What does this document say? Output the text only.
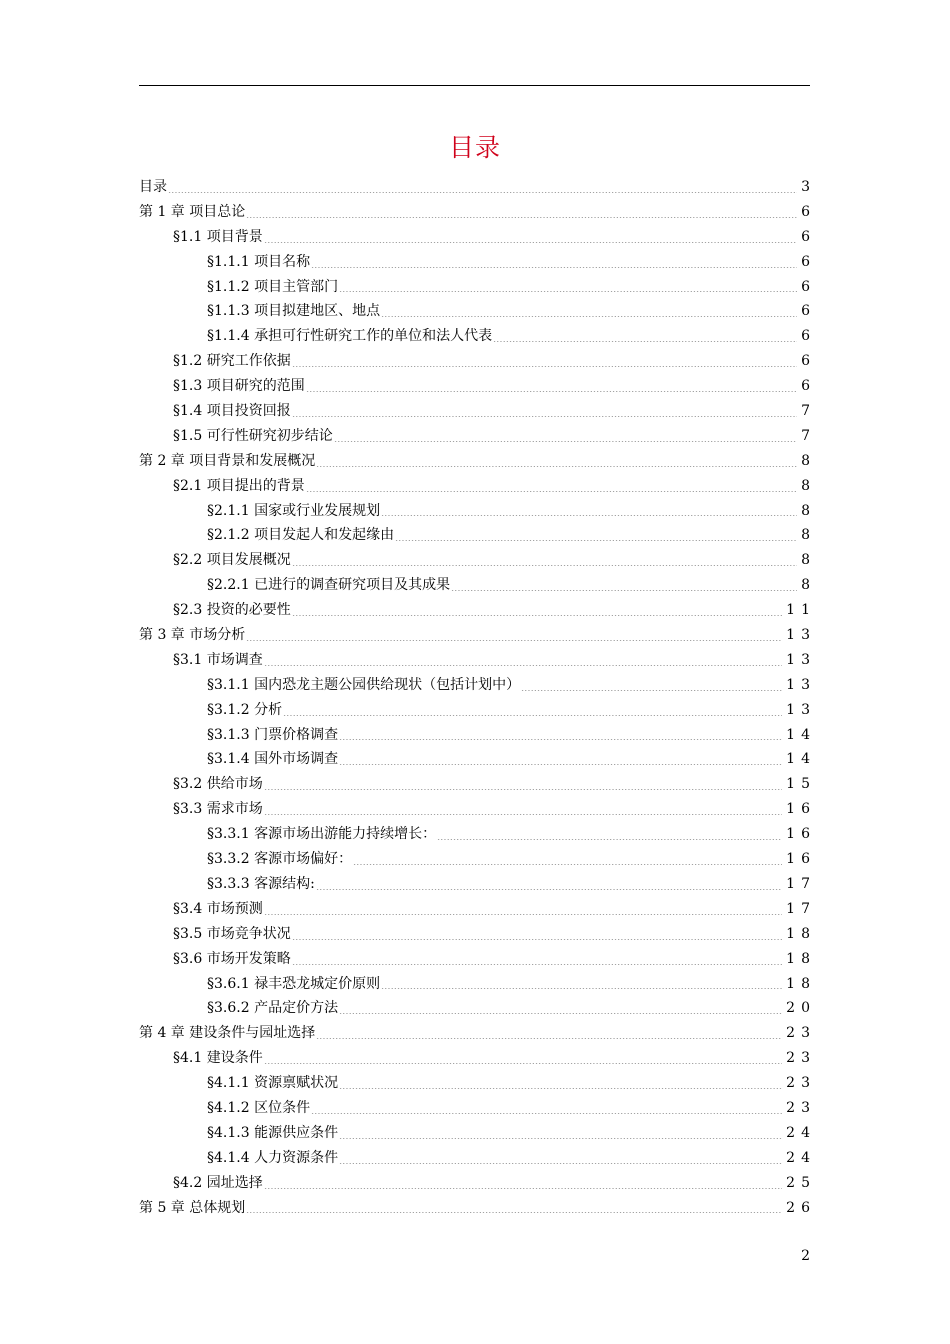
目录
目录	3
第 1 章 项目总论	6
§1.1 项目背景	6
§1.1.1 项目名称	6
§1.1.2 项目主管部门	6
§1.1.3 项目拟建地区、地点	6
§1.1.4 承担可行性研究工作的单位和法人代表	6
§1.2 研究工作依据	6
§1.3 项目研究的范围	6
§1.4 项目投资回报	7
§1.5 可行性研究初步结论	7
第 2 章 项目背景和发展概况	8
§2.1 项目提出的背景	8
§2.1.1 国家或行业发展规划	8
§2.1.2 项目发起人和发起缘由	8
§2.2 项目发展概况	8
§2.2.1 已进行的调查研究项目及其成果	8
§2.3 投资的必要性	11
第 3 章 市场分析	13
§3.1 市场调查	13
§3.1.1 国内恐龙主题公园供给现状（包括计划中）	13
§3.1.2 分析	13
§3.1.3 门票价格调查	14
§3.1.4 国外市场调查	14
§3.2 供给市场	15
§3.3 需求市场	16
§3.3.1 客源市场出游能力持续增长：	16
§3.3.2 客源市场偏好：	16
§3.3.3 客源结构:	17
§3.4 市场预测	17
§3.5 市场竞争状况	18
§3.6 市场开发策略	18
§3.6.1 禄丰恐龙城定价原则	18
§3.6.2 产品定价方法	20
第 4 章 建设条件与园址选择	23
§4.1 建设条件	23
§4.1.1 资源禀赋状况	23
§4.1.2 区位条件	23
§4.1.3 能源供应条件	24
§4.1.4 人力资源条件	24
§4.2 园址选择	25
第 5 章 总体规划	26
2
